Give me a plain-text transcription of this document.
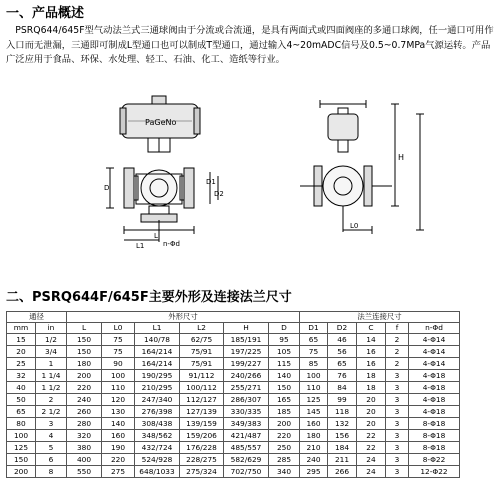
一、产品概述

PSRQ644/645F型气动法兰式三通球阀由于分流或合流通，是具有两面式或四面阀座的多通口球阀，任一通口可用作入口而无泄漏，三通即可制成L型通口也可以制成T型通口，通过输入4~20mADC信号及0.5~0.7MPa气源运转。产品广泛应用于食品、环保、水处理、轻工、石油、化工、造纸等行业。

PaGeNo
D
D1
D2
L
L1	n-Φd
H
L0
二、PSRQ644F/645F主要外形及连接法兰尺寸
通径		外形尺寸						法兰连接尺寸				
mm	in	L	L0	L1	L2	H	D	D1	D2	C	f	n-Φd
15	1/2	150	75	140/78	62/75	185/191	95	65	46	14	2	4-Φ14
20	3/4	150	75	164/214	75/91	197/225	105	75	56	16	2	4-Φ14
25	1	180	90	164/214	75/91	199/227	115	85	65	16	2	4-Φ14
32	1 1/4	200	100	190/295	91/112	240/266	140	100	76	18	3	4-Φ18
40	1 1/2	220	110	210/295	100/112	255/271	150	110	84	18	3	4-Φ18
50	2	240	120	247/340	112/127	286/307	165	125	99	20	3	4-Φ18
65	2 1/2	260	130	276/398	127/139	330/335	185	145	118	20	3	4-Φ18
80	3	280	140	308/438	139/159	349/383	200	160	132	20	3	8-Φ18
100	4	320	160	348/562	159/206	421/487	220	180	156	22	3	8-Φ18
125	5	380	190	432/724	176/228	485/557	250	210	184	22	3	8-Φ18
150	6	400	220	524/928	228/275	582/629	285	240	211	24	3	8-Φ22
200	8	550	275	648/1033	275/324	702/750	340	295	266	24	3	12-Φ22
